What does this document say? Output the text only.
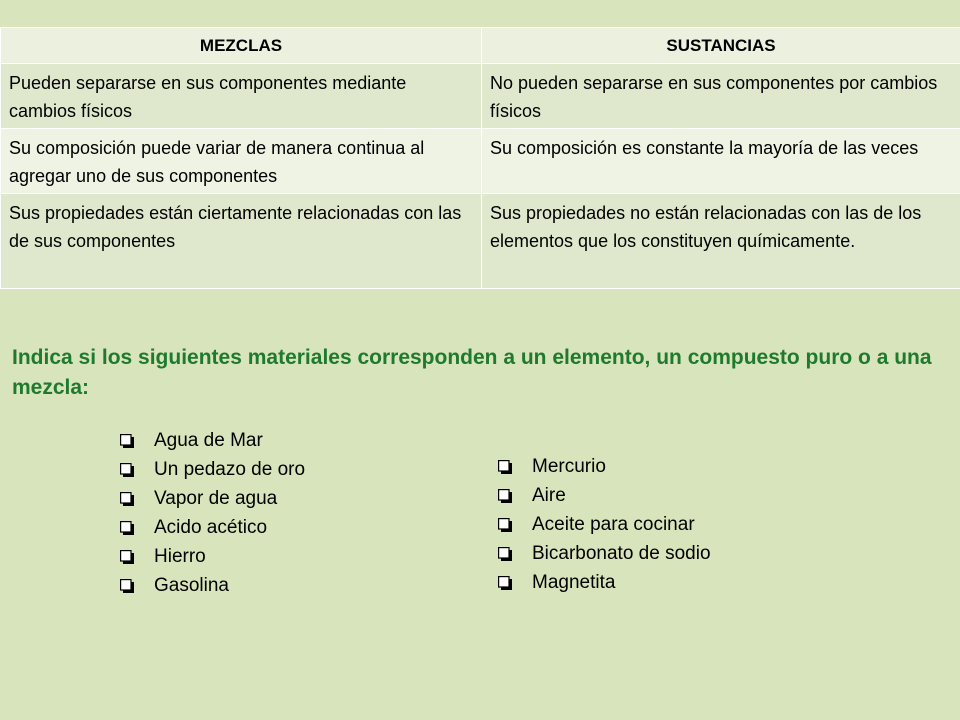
MEZCLAS	SUSTANCIAS
Pueden separarse en sus componentes mediante cambios físicos	No pueden separarse en sus componentes por cambios físicos
Su composición puede variar de manera continua al agregar uno de sus componentes	Su composición es constante la mayoría de las veces
Sus propiedades están ciertamente relacionadas con las de sus componentes	Sus propiedades no están relacionadas con las de los elementos que los constituyen químicamente.

Indica si los siguientes materiales corresponden a un elemento, un compuesto puro o a una mezcla:

Agua de Mar
Un pedazo de oro
Vapor de agua
Acido acético
Hierro
Gasolina
Mercurio
Aire
Aceite para cocinar
Bicarbonato de sodio
Magnetita
